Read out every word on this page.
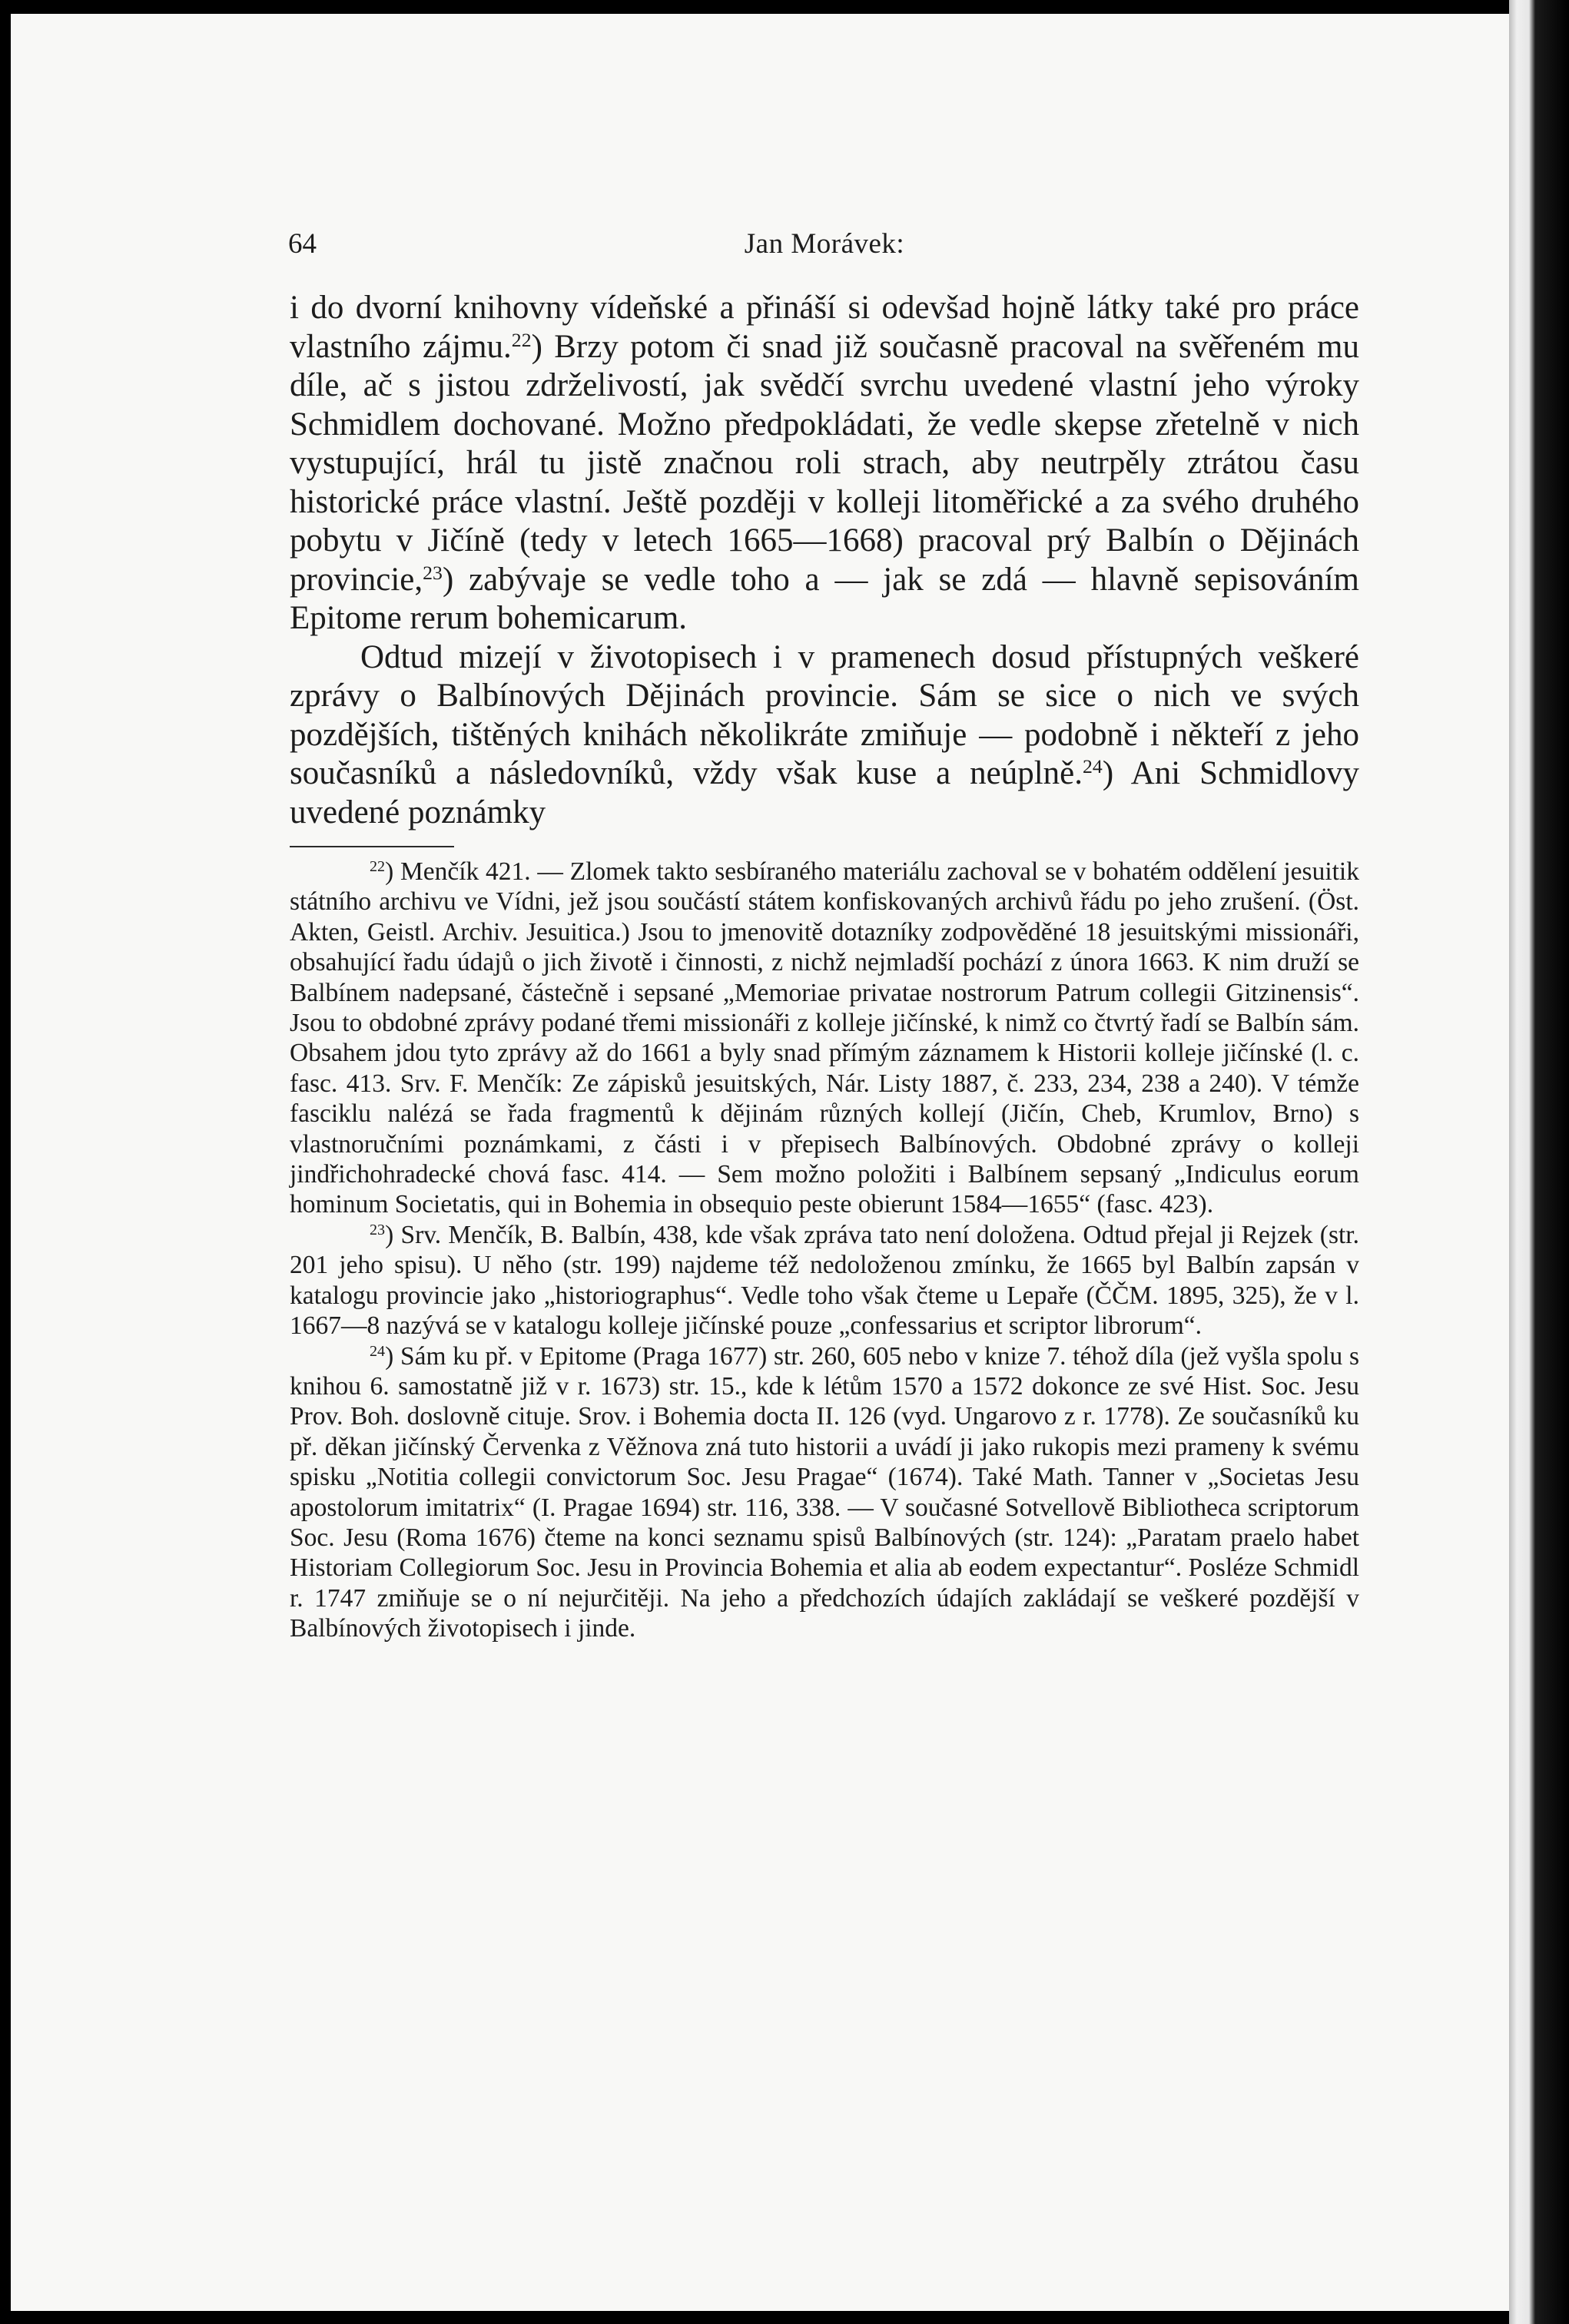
64	Jan Morávek:

i do dvorní knihovny vídeňské a přináší si odevšad hojně látky také pro práce vlastního zájmu.$^{22}$) Brzy potom či snad již současně pracoval na svěřeném mu díle, ač s jistou zdrželivostí, jak svědčí svrchu uvedené vlastní jeho výroky Schmidlem dochované. Možno předpokládati, že vedle skepse zřetelně v nich vystupující, hrál tu jistě značnou roli strach, aby neutrpěly ztrátou času historické práce vlastní. Ještě později v kolleji litoměřické a za svého druhého pobytu v Jičíně (tedy v letech 1665—1668) pracoval prý Balbín o Dějinách provincie,$^{23}$) zabývaje se vedle toho a — jak se zdá — hlavně sepisováním Epitome rerum bohemicarum.

Odtud mizejí v životopisech i v pramenech dosud přístupných veškeré zprávy o Balbínových Dějinách provincie. Sám se sice o nich ve svých pozdějších, tištěných knihách několikráte zmiňuje — podobně i někteří z jeho současníků a následovníků, vždy však kuse a neúplně.$^{24}$) Ani Schmidlovy uvedené poznámky

$^{22}$) Menčík 421. — Zlomek takto sesbíraného materiálu zachoval se v bohatém oddělení jesuitik státního archivu ve Vídni, jež jsou součástí státem konfiskovaných archivů řádu po jeho zrušení. (Öst. Akten, Geistl. Archiv. Jesuitica.) Jsou to jmenovitě dotazníky zodpověděné 18 jesuitskými missionáři, obsahující řadu údajů o jich životě i činnosti, z nichž nejmladší pochází z února 1663. K nim druží se Balbínem nadepsané, částečně i sepsané „Memoriae privatae nostrorum Patrum collegii Gitzinensis“. Jsou to obdobné zprávy podané třemi missionáři z kolleje jičínské, k nimž co čtvrtý řadí se Balbín sám. Obsahem jdou tyto zprávy až do 1661 a byly snad přímým záznamem k Historii kolleje jičínské (l. c. fasc. 413. Srv. F. Menčík: Ze zápisků jesuitských, Nár. Listy 1887, č. 233, 234, 238 a 240). V témže fasciklu nalézá se řada fragmentů k dějinám různých kollejí (Jičín, Cheb, Krumlov, Brno) s vlastnoručními poznámkami, z části i v přepisech Balbínových. Obdobné zprávy o kolleji jindřichohradecké chová fasc. 414. — Sem možno položiti i Balbínem sepsaný „Indiculus eorum hominum Societatis, qui in Bohemia in obsequio peste obierunt 1584—1655“ (fasc. 423).

$^{23}$) Srv. Menčík, B. Balbín, 438, kde však zpráva tato není doložena. Odtud přejal ji Rejzek (str. 201 jeho spisu). U něho (str. 199) najdeme též nedoloženou zmínku, že 1665 byl Balbín zapsán v katalogu provincie jako „historiographus“. Vedle toho však čteme u Lepaře (ČČM. 1895, 325), že v l. 1667—8 nazývá se v katalogu kolleje jičínské pouze „confessarius et scriptor librorum“.

$^{24}$) Sám ku př. v Epitome (Praga 1677) str. 260, 605 nebo v knize 7. téhož díla (jež vyšla spolu s knihou 6. samostatně již v r. 1673) str. 15., kde k létům 1570 a 1572 dokonce ze své Hist. Soc. Jesu Prov. Boh. doslovně cituje. Srov. i Bohemia docta II. 126 (vyd. Ungarovo z r. 1778). Ze současníků ku př. děkan jičínský Červenka z Věžnova zná tuto historii a uvádí ji jako rukopis mezi prameny k svému spisku „Notitia collegii convictorum Soc. Jesu Pragae“ (1674). Také Math. Tanner v „Societas Jesu apostolorum imitatrix“ (I. Pragae 1694) str. 116, 338. — V současné Sotvellově Bibliotheca scriptorum Soc. Jesu (Roma 1676) čteme na konci seznamu spisů Balbínových (str. 124): „Paratam praelo habet Historiam Collegiorum Soc. Jesu in Provincia Bohemia et alia ab eodem expectantur“. Posléze Schmidl r. 1747 zmiňuje se o ní nejurčitěji. Na jeho a předchozích údajích zakládají se veškeré pozdější v Balbínových životopisech i jinde.
